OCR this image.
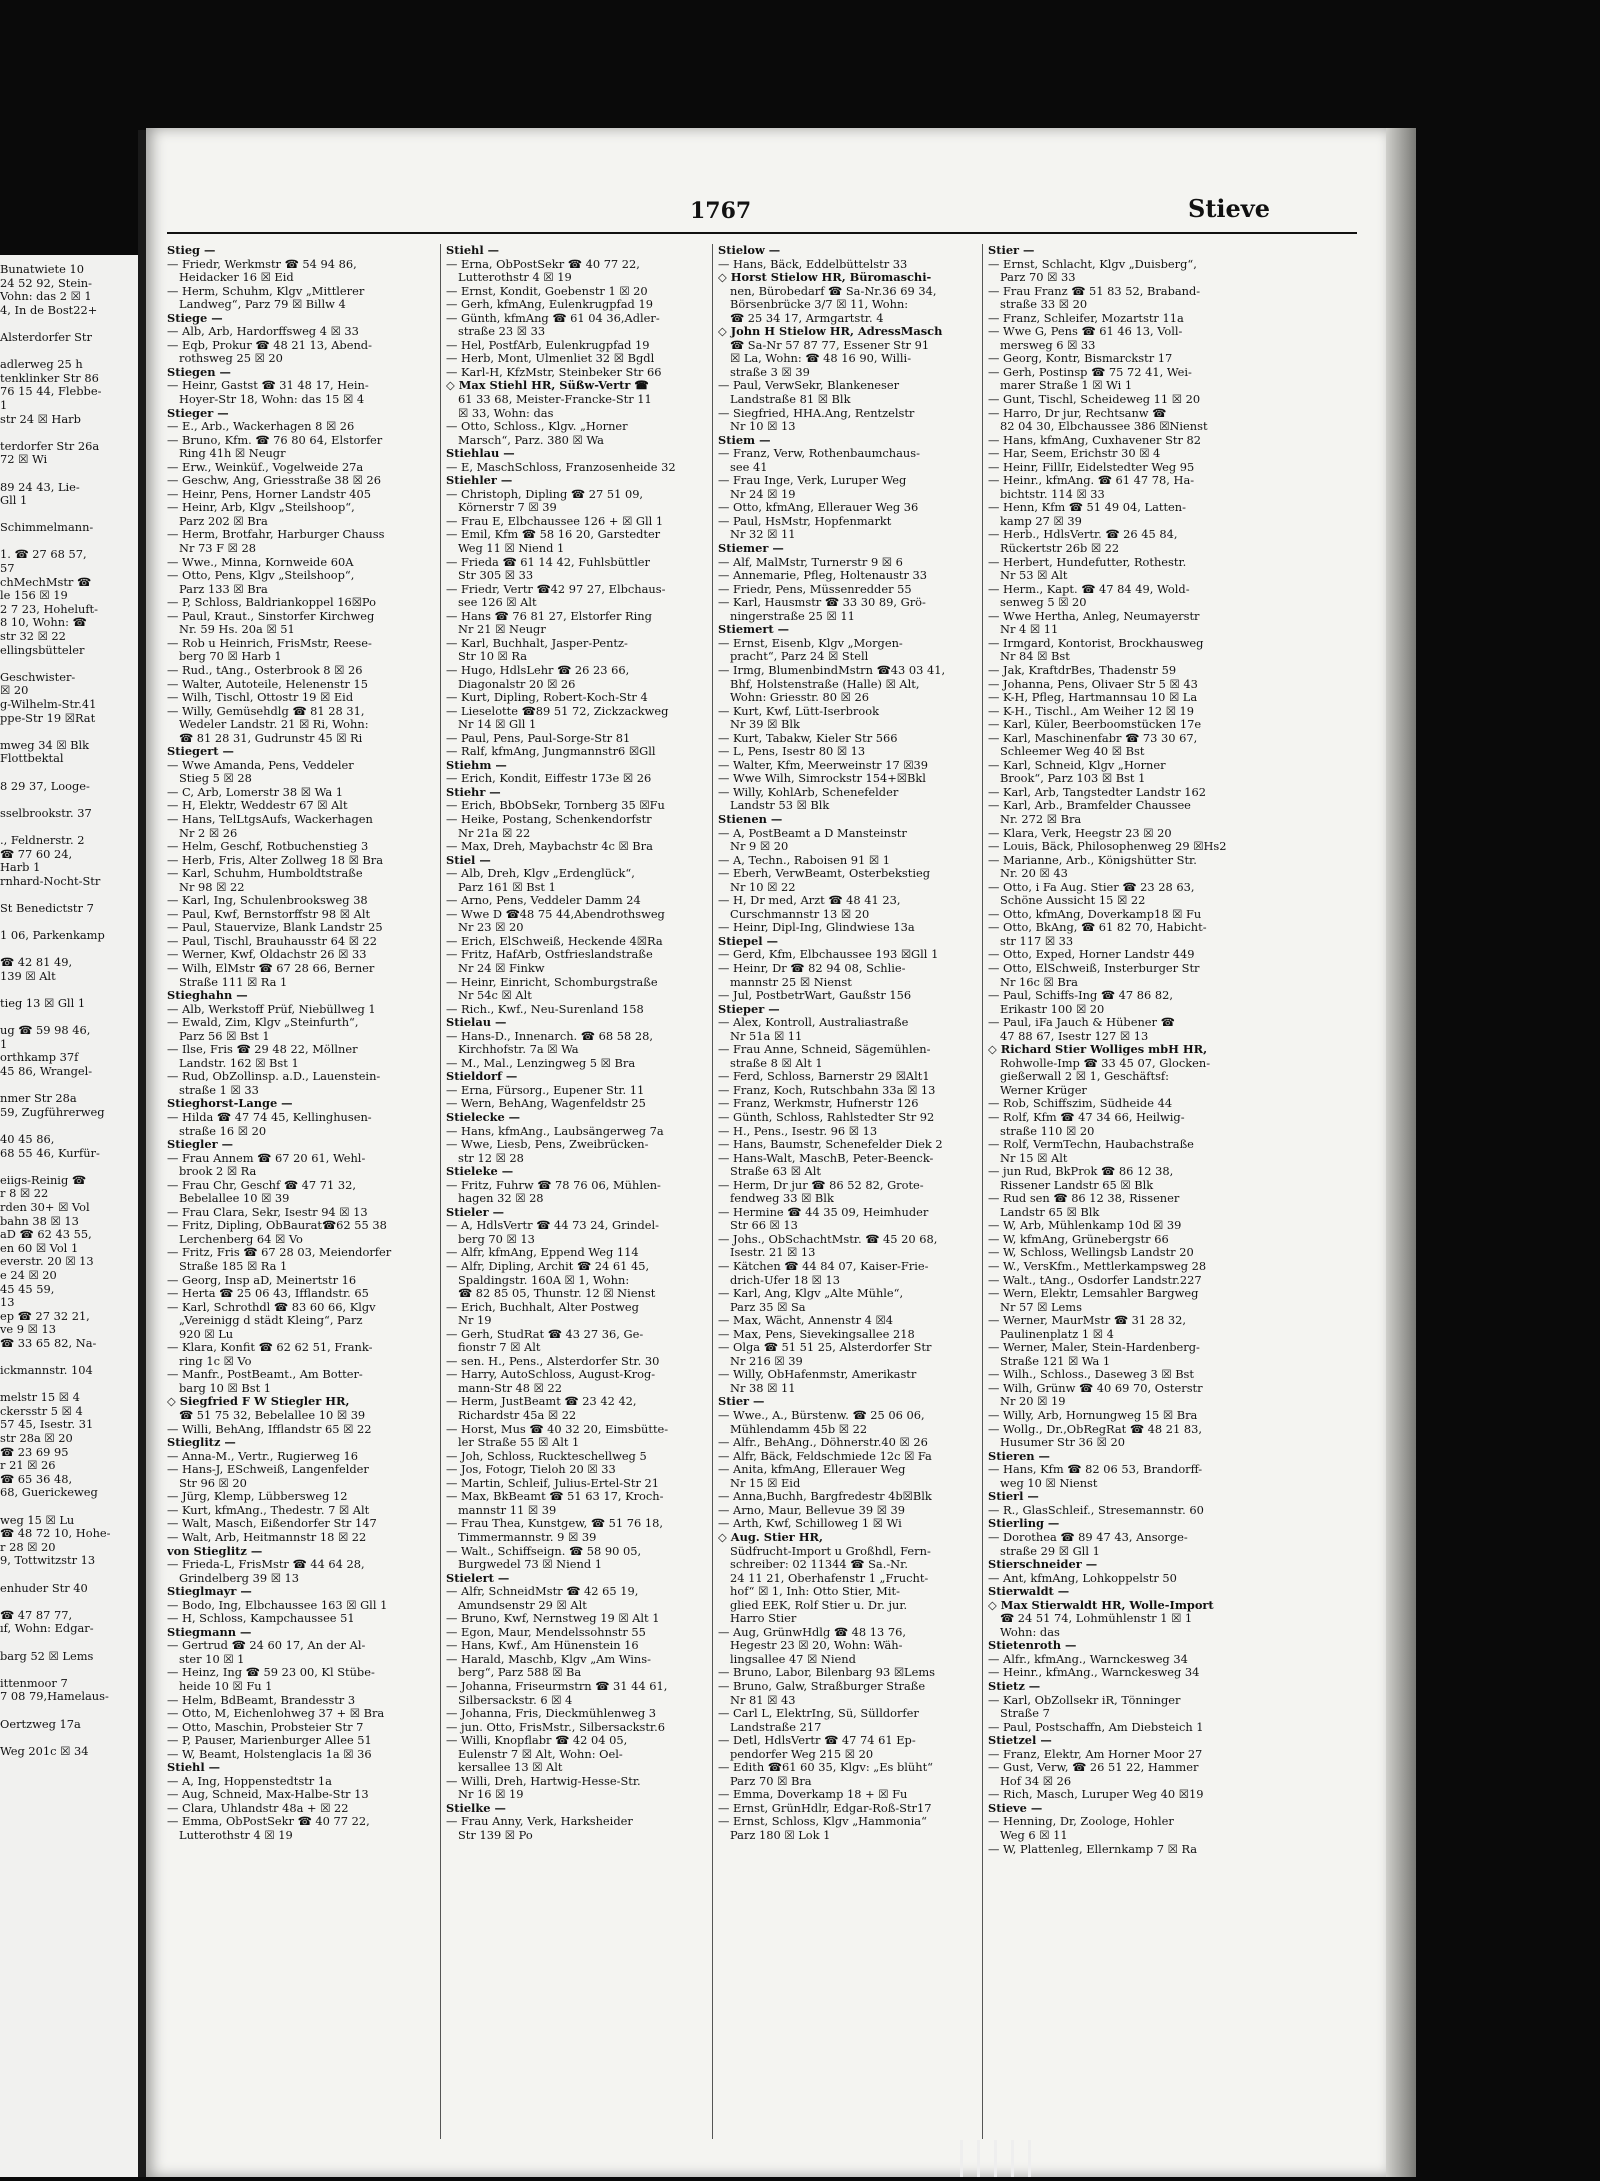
Bunatwiete 10
24 52 92, Stein-
Vohn: das 2 ☒ 1
4, In de Bost22+

Alsterdorfer Str

adlerweg 25 h
tenklinker Str 86
76 15 44, Flebbe-
1
str 24 ☒ Harb

terdorfer Str 26a
72 ☒ Wi

89 24 43, Lie-
Gll 1

Schimmelmann-

1. ☎ 27 68 57,
57
chMechMstr ☎
le 156 ☒ 19
2 7 23, Hoheluft-
8 10, Wohn: ☎
str 32 ☒ 22
ellingsbütteler

Geschwister-
☒ 20
g-Wilhelm-Str.41
ppe-Str 19 ☒Rat

mweg 34 ☒ Blk
Flottbektal

8 29 37, Looge-

sselbrookstr. 37

., Feldnerstr. 2
☎ 77 60 24,
Harb 1
rnhard-Nocht-Str

St Benedictstr 7

1 06, Parkenkamp

☎ 42 81 49,
139 ☒ Alt

tieg 13 ☒ Gll 1

ug ☎ 59 98 46,
1
orthkamp 37f
45 86, Wrangel-

nmer Str 28a
59, Zugführerweg

40 45 86,
68 55 46, Kurfür-

eiigs-Reinig ☎
r 8 ☒ 22
rden 30+ ☒ Vol
bahn 38 ☒ 13
aD ☎ 62 43 55,
en 60 ☒ Vol 1
everstr. 20 ☒ 13
e 24 ☒ 20
45 45 59,
13
ep ☎ 27 32 21,
ve 9 ☒ 13
☎ 33 65 82, Na-

ickmannstr. 104

melstr 15 ☒ 4
ckersstr 5 ☒ 4
57 45, Isestr. 31
str 28a ☒ 20
☎ 23 69 95
r 21 ☒ 26
☎ 65 36 48,
68, Guerickeweg

weg 15 ☒ Lu
☎ 48 72 10, Hohe-
r 28 ☒ 20
9, Tottwitzstr 13

enhuder Str 40

☎ 47 87 77,
ıf, Wohn: Edgar-

barg 52 ☒ Lems

ittenmoor 7
7 08 79,Hamelaus-

Oertzweg 17a

Weg 201c ☒ 34
1767	Stieve
Stieg —
— Friedr, Werkmstr ☎ 54 94 86,
Heidacker 16 ☒ Eid
— Herm, Schuhm, Klgv „Mittlerer
Landweg“, Parz 79 ☒ Billw 4
Stiege —
— Alb, Arb, Hardorffsweg 4 ☒ 33
— Eqb, Prokur ☎ 48 21 13, Abend-
rothsweg 25 ☒ 20
Stiegen —
— Heinr, Gastst ☎ 31 48 17, Hein-
Hoyer-Str 18, Wohn: das 15 ☒ 4
Stieger —
— E., Arb., Wackerhagen 8 ☒ 26
— Bruno, Kfm. ☎ 76 80 64, Elstorfer
Ring 41h ☒ Neugr
— Erw., Weinküf., Vogelweide 27a
— Geschw, Ang, Griesstraße 38 ☒ 26
— Heinr, Pens, Horner Landstr 405
— Heinr, Arb, Klgv „Steilshoop“,
Parz 202 ☒ Bra
— Herm, Brotfahr, Harburger Chauss
Nr 73 F ☒ 28
— Wwe., Minna, Kornweide 60A
— Otto, Pens, Klgv „Steilshoop“,
Parz 133 ☒ Bra
— P, Schloss, Baldriankoppel 16☒Po
— Paul, Kraut., Sinstorfer Kirchweg
Nr. 59 Hs. 20a ☒ 51
— Rob u Heinrich, FrisMstr, Reese-
berg 70 ☒ Harb 1
— Rud., tAng., Osterbrook 8 ☒ 26
— Walter, Autoteile, Helenenstr 15
— Wilh, Tischl, Ottostr 19 ☒ Eid
— Willy, Gemüsehdlg ☎ 81 28 31,
Wedeler Landstr. 21 ☒ Ri, Wohn:
☎ 81 28 31, Gudrunstr 45 ☒ Ri
Stiegert —
— Wwe Amanda, Pens, Veddeler
Stieg 5 ☒ 28
— C, Arb, Lomerstr 38 ☒ Wa 1
— H, Elektr, Weddestr 67 ☒ Alt
— Hans, TelLtgsAufs, Wackerhagen
Nr 2 ☒ 26
— Helm, Geschf, Rotbuchenstieg 3
— Herb, Fris, Alter Zollweg 18 ☒ Bra
— Karl, Schuhm, Humboldtstraße
Nr 98 ☒ 22
— Karl, Ing, Schulenbrooksweg 38
— Paul, Kwf, Bernstorffstr 98 ☒ Alt
— Paul, Stauervize, Blank Landstr 25
— Paul, Tischl, Brauhausstr 64 ☒ 22
— Werner, Kwf, Oldachstr 26 ☒ 33
— Wilh, ElMstr ☎ 67 28 66, Berner
Straße 111 ☒ Ra 1
Stieghahn —
— Alb, Werkstoff Prüf, Niebüllweg 1
— Ewald, Zim, Klgv „Steinfurth“,
Parz 56 ☒ Bst 1
— Ilse, Fris ☎ 29 48 22, Möllner
Landstr. 162 ☒ Bst 1
— Rud, ObZollinsp. a.D., Lauenstein-
straße 1 ☒ 33
Stieghorst-Lange —
— Hilda ☎ 47 74 45, Kellinghusen-
straße 16 ☒ 20
Stiegler —
— Frau Annem ☎ 67 20 61, Wehl-
brook 2 ☒ Ra
— Frau Chr, Geschf ☎ 47 71 32,
Bebelallee 10 ☒ 39
— Frau Clara, Sekr, Isestr 94 ☒ 13
— Fritz, Dipling, ObBaurat☎62 55 38
Lerchenberg 64 ☒ Vo
— Fritz, Fris ☎ 67 28 03, Meiendorfer
Straße 185 ☒ Ra 1
— Georg, Insp aD, Meinertstr 16
— Herta ☎ 25 06 43, Ifflandstr. 65
— Karl, Schrothdl ☎ 83 60 66, Klgv
„Vereinigg d städt Kleing“, Parz
920 ☒ Lu
— Klara, Konfit ☎ 62 62 51, Frank-
ring 1c ☒ Vo
— Manfr., PostBeamt., Am Botter-
barg 10 ☒ Bst 1
◇ Siegfried F W Stiegler HR,
☎ 51 75 32, Bebelallee 10 ☒ 39
— Willi, BehAng, Ifflandstr 65 ☒ 22
Stieglitz —
— Anna-M., Vertr., Rugierweg 16
— Hans-J, ESchweiß, Langenfelder
Str 96 ☒ 20
— Jürg, Klemp, Lübbersweg 12
— Kurt, kfmAng., Thedestr. 7 ☒ Alt
— Walt, Masch, Eißendorfer Str 147
— Walt, Arb, Heitmannstr 18 ☒ 22
von Stieglitz —
— Frieda-L, FrisMstr ☎ 44 64 28,
Grindelberg 39 ☒ 13
Stieglmayr —
— Bodo, Ing, Elbchaussee 163 ☒ Gll 1
— H, Schloss, Kampchaussee 51
Stiegmann —
— Gertrud ☎ 24 60 17, An der Al-
ster 10 ☒ 1
— Heinz, Ing ☎ 59 23 00, Kl Stübe-
heide 10 ☒ Fu 1
— Helm, BdBeamt, Brandesstr 3
— Otto, M, Eichenlohweg 37 + ☒ Bra
— Otto, Maschin, Probsteier Str 7
— P, Pauser, Marienburger Allee 51
— W, Beamt, Holstenglacis 1a ☒ 36
Stiehl —
— A, Ing, Hoppenstedtstr 1a
— Aug, Schneid, Max-Halbe-Str 13
— Clara, Uhlandstr 48a + ☒ 22
— Emma, ObPostSekr ☎ 40 77 22,
Lutterothstr 4 ☒ 19
Stiehl —
— Erna, ObPostSekr ☎ 40 77 22,
Lutterothstr 4 ☒ 19
— Ernst, Kondit, Goebenstr 1 ☒ 20
— Gerh, kfmAng, Eulenkrugpfad 19
— Günth, kfmAng ☎ 61 04 36,Adler-
straße 23 ☒ 33
— Hel, PostfArb, Eulenkrugpfad 19
— Herb, Mont, Ulmenliet 32 ☒ Bgdl
— Karl-H, KfzMstr, Steinbeker Str 66
◇ Max Stiehl HR, Süßw-Vertr ☎
61 33 68, Meister-Francke-Str 11
☒ 33, Wohn: das
— Otto, Schloss., Klgv. „Horner
Marsch“, Parz. 380 ☒ Wa
Stiehlau —
— E, MaschSchloss, Franzosenheide 32
Stiehler —
— Christoph, Dipling ☎ 27 51 09,
Körnerstr 7 ☒ 39
— Frau E, Elbchaussee 126 + ☒ Gll 1
— Emil, Kfm ☎ 58 16 20, Garstedter
Weg 11 ☒ Niend 1
— Frieda ☎ 61 14 42, Fuhlsbüttler
Str 305 ☒ 33
— Friedr, Vertr ☎42 97 27, Elbchaus-
see 126 ☒ Alt
— Hans ☎ 76 81 27, Elstorfer Ring
Nr 21 ☒ Neugr
— Karl, Buchhalt, Jasper-Pentz-
Str 10 ☒ Ra
— Hugo, HdlsLehr ☎ 26 23 66,
Diagonalstr 20 ☒ 26
— Kurt, Dipling, Robert-Koch-Str 4
— Lieselotte ☎89 51 72, Zickzackweg
Nr 14 ☒ Gll 1
— Paul, Pens, Paul-Sorge-Str 81
— Ralf, kfmAng, Jungmannstr6 ☒Gll
Stiehm —
— Erich, Kondit, Eiffestr 173e ☒ 26
Stiehr —
— Erich, BbObSekr, Tornberg 35 ☒Fu
— Heike, Postang, Schenkendorfstr
Nr 21a ☒ 22
— Max, Dreh, Maybachstr 4c ☒ Bra
Stiel —
— Alb, Dreh, Klgv „Erdenglück“,
Parz 161 ☒ Bst 1
— Arno, Pens, Veddeler Damm 24
— Wwe D ☎48 75 44,Abendrothsweg
Nr 23 ☒ 20
— Erich, ElSchweiß, Heckende 4☒Ra
— Fritz, HafArb, Ostfrieslandstraße
Nr 24 ☒ Finkw
— Heinr, Einricht, Schomburgstraße
Nr 54c ☒ Alt
— Rich., Kwf., Neu-Surenland 158
Stielau —
— Hans-D., Innenarch. ☎ 68 58 28,
Kirchhofstr. 7a ☒ Wa
— M., Mal., Lenzingweg 5 ☒ Bra
Stieldorf —
— Erna, Fürsorg., Eupener Str. 11
— Wern, BehAng, Wagenfeldstr 25
Stielecke —
— Hans, kfmAng., Laubsängerweg 7a
— Wwe, Liesb, Pens, Zweibrücken-
str 12 ☒ 28
Stieleke —
— Fritz, Fuhrw ☎ 78 76 06, Mühlen-
hagen 32 ☒ 28
Stieler —
— A, HdlsVertr ☎ 44 73 24, Grindel-
berg 70 ☒ 13
— Alfr, kfmAng, Eppend Weg 114
— Alfr, Dipling, Archit ☎ 24 61 45,
Spaldingstr. 160A ☒ 1, Wohn:
☎ 82 85 05, Thunstr. 12 ☒ Nienst
— Erich, Buchhalt, Alter Postweg
Nr 19
— Gerh, StudRat ☎ 43 27 36, Ge-
fionstr 7 ☒ Alt
— sen. H., Pens., Alsterdorfer Str. 30
— Harry, AutoSchloss, August-Krog-
mann-Str 48 ☒ 22
— Herm, JustBeamt ☎ 23 42 42,
Richardstr 45a ☒ 22
— Horst, Mus ☎ 40 32 20, Eimsbütte-
ler Straße 55 ☒ Alt 1
— Joh, Schloss, Ruckteschellweg 5
— Jos, Fotogr, Tieloh 20 ☒ 33
— Martin, Schleif, Julius-Ertel-Str 21
— Max, BkBeamt ☎ 51 63 17, Kroch-
mannstr 11 ☒ 39
— Frau Thea, Kunstgew, ☎ 51 76 18,
Timmermannstr. 9 ☒ 39
— Walt., Schiffseign. ☎ 58 90 05,
Burgwedel 73 ☒ Niend 1
Stielert —
— Alfr, SchneidMstr ☎ 42 65 19,
Amundsenstr 29 ☒ Alt
— Bruno, Kwf, Nernstweg 19 ☒ Alt 1
— Egon, Maur, Mendelssohnstr 55
— Hans, Kwf., Am Hünenstein 16
— Harald, Maschb, Klgv „Am Wins-
berg“, Parz 588 ☒ Ba
— Johanna, Friseurmstrn ☎ 31 44 61,
Silbersackstr. 6 ☒ 4
— Johanna, Fris, Dieckmühlenweg 3
— jun. Otto, FrisMstr., Silbersackstr.6
— Willi, Knopflabr ☎ 42 04 05,
Eulenstr 7 ☒ Alt, Wohn: Oel-
kersallee 13 ☒ Alt
— Willi, Dreh, Hartwig-Hesse-Str.
Nr 16 ☒ 19
Stielke —
— Frau Anny, Verk, Harksheider
Str 139 ☒ Po
Stielow —
— Hans, Bäck, Eddelbüttelstr 33
◇ Horst Stielow HR, Büromaschi-
nen, Bürobedarf ☎ Sa-Nr.36 69 34,
Börsenbrücke 3/7 ☒ 11, Wohn:
☎ 25 34 17, Armgartstr. 4
◇ John H Stielow HR, AdressMasch
☎ Sa-Nr 57 87 77, Essener Str 91
☒ La, Wohn: ☎ 48 16 90, Willi-
straße 3 ☒ 39
— Paul, VerwSekr, Blankeneser
Landstraße 81 ☒ Blk
— Siegfried, HHA.Ang, Rentzelstr
Nr 10 ☒ 13
Stiem —
— Franz, Verw, Rothenbaumchaus-
see 41
— Frau Inge, Verk, Luruper Weg
Nr 24 ☒ 19
— Otto, kfmAng, Ellerauer Weg 36
— Paul, HsMstr, Hopfenmarkt
Nr 32 ☒ 11
Stiemer —
— Alf, MalMstr, Turnerstr 9 ☒ 6
— Annemarie, Pfleg, Holtenaustr 33
— Friedr, Pens, Müssenredder 55
— Karl, Hausmstr ☎ 33 30 89, Grö-
ningerstraße 25 ☒ 11
Stiemert —
— Ernst, Eisenb, Klgv „Morgen-
pracht“, Parz 24 ☒ Stell
— Irmg, BlumenbindMstrn ☎43 03 41,
Bhf, Holstenstraße (Halle) ☒ Alt,
Wohn: Griesstr. 80 ☒ 26
— Kurt, Kwf, Lütt-Iserbrook
Nr 39 ☒ Blk
— Kurt, Tabakw, Kieler Str 566
— L, Pens, Isestr 80 ☒ 13
— Walter, Kfm, Meerweinstr 17 ☒39
— Wwe Wilh, Simrockstr 154+☒Bkl
— Willy, KohlArb, Schenefelder
Landstr 53 ☒ Blk
Stienen —
— A, PostBeamt a D Mansteinstr
Nr 9 ☒ 20
— A, Techn., Raboisen 91 ☒ 1
— Eberh, VerwBeamt, Osterbekstieg
Nr 10 ☒ 22
— H, Dr med, Arzt ☎ 48 41 23,
Curschmannstr 13 ☒ 20
— Heinr, Dipl-Ing, Glindwiese 13a
Stiepel —
— Gerd, Kfm, Elbchaussee 193 ☒Gll 1
— Heinr, Dr ☎ 82 94 08, Schlie-
mannstr 25 ☒ Nienst
— Jul, PostbetrWart, Gaußstr 156
Stieper —
— Alex, Kontroll, Australiastraße
Nr 51a ☒ 11
— Frau Anne, Schneid, Sägemühlen-
straße 8 ☒ Alt 1
— Ferd, Schloss, Barnerstr 29 ☒Alt1
— Franz, Koch, Rutschbahn 33a ☒ 13
— Franz, Werkmstr, Hufnerstr 126
— Günth, Schloss, Rahlstedter Str 92
— H., Pens., Isestr. 96 ☒ 13
— Hans, Baumstr, Schenefelder Diek 2
— Hans-Walt, MaschB, Peter-Beenck-
Straße 63 ☒ Alt
— Herm, Dr jur ☎ 86 52 82, Grote-
fendweg 33 ☒ Blk
— Hermine ☎ 44 35 09, Heimhuder
Str 66 ☒ 13
— Johs., ObSchachtMstr. ☎ 45 20 68,
Isestr. 21 ☒ 13
— Kätchen ☎ 44 84 07, Kaiser-Frie-
drich-Ufer 18 ☒ 13
— Karl, Ang, Klgv „Alte Mühle“,
Parz 35 ☒ Sa
— Max, Wächt, Annenstr 4 ☒4
— Max, Pens, Sievekingsallee 218
— Olga ☎ 51 51 25, Alsterdorfer Str
Nr 216 ☒ 39
— Willy, ObHafenmstr, Amerikastr
Nr 38 ☒ 11
Stier —
— Wwe., A., Bürstenw. ☎ 25 06 06,
Mühlendamm 45b ☒ 22
— Alfr., BehAng., Döhnerstr.40 ☒ 26
— Alfr, Bäck, Feldschmiede 12c ☒ Fa
— Anita, kfmAng, Ellerauer Weg
Nr 15 ☒ Eid
— Anna,Buchh, Bargfredestr 4b☒Blk
— Arno, Maur, Bellevue 39 ☒ 39
— Arth, Kwf, Schilloweg 1 ☒ Wi
◇ Aug. Stier HR,
Südfrucht-Import u Großhdl, Fern-
schreiber: 02 11344 ☎ Sa.-Nr.
24 11 21, Oberhafenstr 1 „Frucht-
hof“ ☒ 1, Inh: Otto Stier, Mit-
glied EEK, Rolf Stier u. Dr. jur.
Harro Stier
— Aug, GrünwHdlg ☎ 48 13 76,
Hegestr 23 ☒ 20, Wohn: Wäh-
lingsallee 47 ☒ Niend
— Bruno, Labor, Bilenbarg 93 ☒Lems
— Bruno, Galw, Straßburger Straße
Nr 81 ☒ 43
— Carl L, ElektrIng, Sü, Sülldorfer
Landstraße 217
— Detl, HdlsVertr ☎ 47 74 61 Ep-
pendorfer Weg 215 ☒ 20
— Edith ☎61 60 35, Klgv: „Es blüht“
Parz 70 ☒ Bra
— Emma, Doverkamp 18 + ☒ Fu
— Ernst, GrünHdlr, Edgar-Roß-Str17
— Ernst, Schloss, Klgv „Hammonia“
Parz 180 ☒ Lok 1
Stier —
— Ernst, Schlacht, Klgv „Duisberg“,
Parz 70 ☒ 33
— Frau Franz ☎ 51 83 52, Braband-
straße 33 ☒ 20
— Franz, Schleifer, Mozartstr 11a
— Wwe G, Pens ☎ 61 46 13, Voll-
mersweg 6 ☒ 33
— Georg, Kontr, Bismarckstr 17
— Gerh, Postinsp ☎ 75 72 41, Wei-
marer Straße 1 ☒ Wi 1
— Gunt, Tischl, Scheideweg 11 ☒ 20
— Harro, Dr jur, Rechtsanw ☎
82 04 30, Elbchaussee 386 ☒Nienst
— Hans, kfmAng, Cuxhavener Str 82
— Har, Seem, Erichstr 30 ☒ 4
— Heinr, FillIr, Eidelstedter Weg 95
— Heinr., kfmAng. ☎ 61 47 78, Ha-
bichtstr. 114 ☒ 33
— Henn, Kfm ☎ 51 49 04, Latten-
kamp 27 ☒ 39
— Herb., HdlsVertr. ☎ 26 45 84,
Rückertstr 26b ☒ 22
— Herbert, Hundefutter, Rothestr.
Nr 53 ☒ Alt
— Herm., Kapt. ☎ 47 84 49, Wold-
senweg 5 ☒ 20
— Wwe Hertha, Anleg, Neumayerstr
Nr 4 ☒ 11
— Irmgard, Kontorist, Brockhausweg
Nr 84 ☒ Bst
— Jak, KraftdrBes, Thadenstr 59
— Johanna, Pens, Olivaer Str 5 ☒ 43
— K-H, Pfleg, Hartmannsau 10 ☒ La
— K-H., Tischl., Am Weiher 12 ☒ 19
— Karl, Küler, Beerboomstücken 17e
— Karl, Maschinenfabr ☎ 73 30 67,
Schleemer Weg 40 ☒ Bst
— Karl, Schneid, Klgv „Horner
Brook“, Parz 103 ☒ Bst 1
— Karl, Arb, Tangstedter Landstr 162
— Karl, Arb., Bramfelder Chaussee
Nr. 272 ☒ Bra
— Klara, Verk, Heegstr 23 ☒ 20
— Louis, Bäck, Philosophenweg 29 ☒Hs2
— Marianne, Arb., Königshütter Str.
Nr. 20 ☒ 43
— Otto, i Fa Aug. Stier ☎ 23 28 63,
Schöne Aussicht 15 ☒ 22
— Otto, kfmAng, Doverkamp18 ☒ Fu
— Otto, BkAng, ☎ 61 82 70, Habicht-
str 117 ☒ 33
— Otto, Exped, Horner Landstr 449
— Otto, ElSchweiß, Insterburger Str
Nr 16c ☒ Bra
— Paul, Schiffs-Ing ☎ 47 86 82,
Erikastr 100 ☒ 20
— Paul, iFa Jauch & Hübener ☎
47 88 67, Isestr 127 ☒ 13
◇ Richard Stier Wolliges mbH HR,
Rohwolle-Imp ☎ 33 45 07, Glocken-
gießerwall 2 ☒ 1, Geschäftsf:
Werner Krüger
— Rob, Schiffszim, Südheide 44
— Rolf, Kfm ☎ 47 34 66, Heilwig-
straße 110 ☒ 20
— Rolf, VermTechn, Haubachstraße
Nr 15 ☒ Alt
— jun Rud, BkProk ☎ 86 12 38,
Rissener Landstr 65 ☒ Blk
— Rud sen ☎ 86 12 38, Rissener
Landstr 65 ☒ Blk
— W, Arb, Mühlenkamp 10d ☒ 39
— W, kfmAng, Grünebergstr 66
— W, Schloss, Wellingsb Landstr 20
— W., VersKfm., Mettlerkampsweg 28
— Walt., tAng., Osdorfer Landstr.227
— Wern, Elektr, Lemsahler Bargweg
Nr 57 ☒ Lems
— Werner, MaurMstr ☎ 31 28 32,
Paulinenplatz 1 ☒ 4
— Werner, Maler, Stein-Hardenberg-
Straße 121 ☒ Wa 1
— Wilh., Schloss., Daseweg 3 ☒ Bst
— Wilh, Grünw ☎ 40 69 70, Osterstr
Nr 20 ☒ 19
— Willy, Arb, Hornungweg 15 ☒ Bra
— Wollg., Dr.,ObRegRat ☎ 48 21 83,
Husumer Str 36 ☒ 20
Stieren —
— Hans, Kfm ☎ 82 06 53, Brandorff-
weg 10 ☒ Nienst
Stierl —
— R., GlasSchleif., Stresemannstr. 60
Stierling —
— Dorothea ☎ 89 47 43, Ansorge-
straße 29 ☒ Gll 1
Stierschneider —
— Ant, kfmAng, Lohkoppelstr 50
Stierwaldt —
◇ Max Stierwaldt HR, Wolle-Import
☎ 24 51 74, Lohmühlenstr 1 ☒ 1
Wohn: das
Stietenroth —
— Alfr., kfmAng., Warnckesweg 34
— Heinr., kfmAng., Warnckesweg 34
Stietz —
— Karl, ObZollsekr iR, Tönninger
Straße 7
— Paul, Postschaffn, Am Diebsteich 1
Stietzel —
— Franz, Elektr, Am Horner Moor 27
— Gust, Verw, ☎ 26 51 22, Hammer
Hof 34 ☒ 26
— Rich, Masch, Luruper Weg 40 ☒19
Stieve —
— Henning, Dr, Zoologe, Hohler
Weg 6 ☒ 11
— W, Plattenleg, Ellernkamp 7 ☒ Ra
